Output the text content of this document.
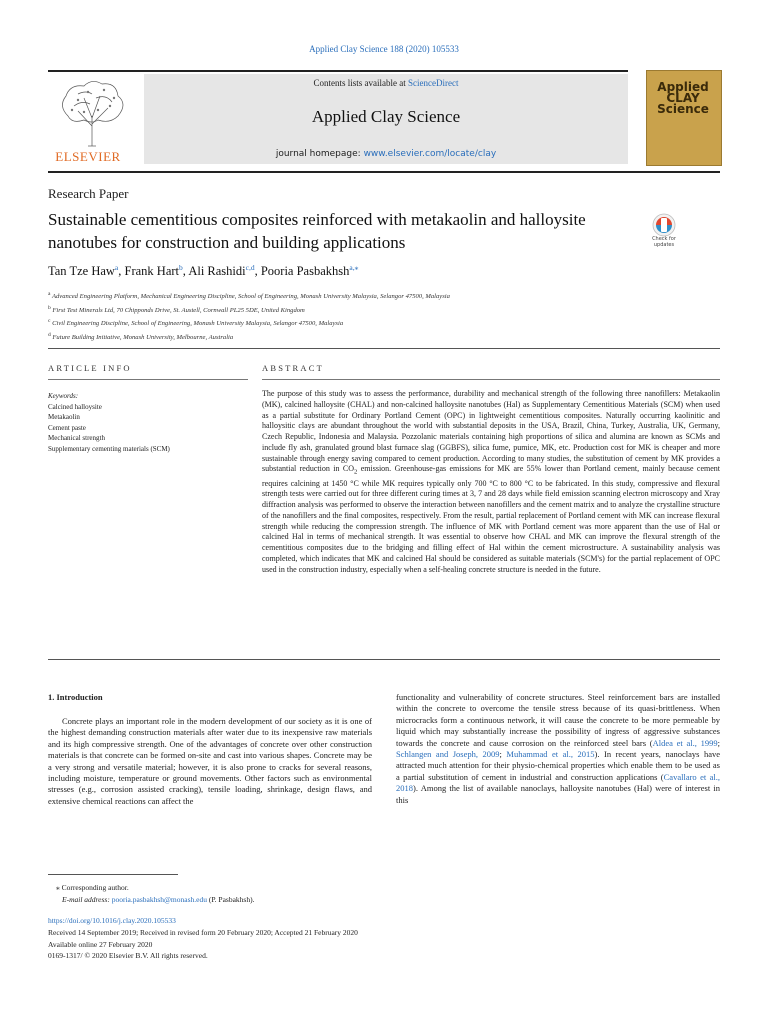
Applied Clay Science 188 (2020) 105533
ELSEVIER
Contents lists available at ScienceDirect
Applied Clay Science
journal homepage: www.elsevier.com/locate/clay
Applied CLAY Science
Research Paper
Sustainable cementitious composites reinforced with metakaolin and halloysite nanotubes for construction and building applications	Check for updates
Tan Tze Haw$^a$, Frank Hart$^b$, Ali Rashidi$^{c,d}$, Pooria Pasbakhsh$^{a,⁎}$
$^a$ Advanced Engineering Platform, Mechanical Engineering Discipline, School of Engineering, Monash University Malaysia, Selangor 47500, Malaysia
$^b$ First Test Minerals Ltd, 70 Chipponds Drive, St. Austell, Cornwall PL25 5DE, United Kingdom
$^c$ Civil Engineering Discipline, School of Engineering, Monash University Malaysia, Selangor 47500, Malaysia
$^d$ Future Building Initiative, Monash University, Melbourne, Australia
ARTICLE INFO	ABSTRACT
Keywords:
Calcined halloysite
Metakaolin
Cement paste
Mechanical strength
Supplementary cementing materials (SCM)
The purpose of this study was to assess the performance, durability and mechanical strength of the following three nanofillers: Metakaolin (MK), calcined halloysite (CHAL) and non-calcined halloysite nanotubes (Hal) as Supplementary Cementitious Materials (SCM) when used as a partial substitute for Ordinary Portland Cement (OPC) in lightweight cementitious composites. Naturally occurring kaolinitic and halloysitic clays are abundant throughout the world with substantial deposits in the USA, Brazil, China, Turkey, Australia, UK, Germany, Czech Republic, Indonesia and Malaysia. Pozzolanic materials containing high proportions of silica and alumina are known as SCMs and include fly ash, granulated ground blast furnace slag (GGBFS), silica fume, pumice, MK, etc. Production cost for MK is cheaper and more sustainable through energy saving compared to cement production. According to many studies, the substitution of cement by MK provides a substantial reduction in $CO_2$ emission. Greenhouse-gas emissions for MK are 55% lower than Portland cement, mainly because cement requires calcining at 1450 °C while MK requires typically only 700 °C to 800 °C to be fabricated. In this study, compressive and flexural strength tests were carried out for three different curing times at 3, 7 and 28 days while field emission scanning electron microscopy and Xray diffraction analysis was performed to observe the interaction between nanofillers and the cement matrix and to analyze the crystalline structure of the nanofillers and the final composites, respectively. From the result, partial replacement of Portland cement with MK can increase flexural strength while reducing the compression strength. The influence of MK with Portland cement was more apparent than the use of Hal or calcined Hal in terms of mechanical strength. It was essential to observe how CHAL and MK can improve the flexural strength of the cementitious composites due to the bridging and filling effect of Hal within the cement microstructure. A sustainability analysis was completed, which indicates that MK and calcined Hal should be considered as suitable materials (SCM's) for the partial replacement of OPC used in the construction industry, especially when a self-healing concrete structure is needed in the future.
1. Introduction
Concrete plays an important role in the modern development of our society as it is one of the highest demanding construction materials after water due to its inexpensive raw materials and its high compressive strength. One of the advantages of concrete over other construction materials is that concrete can be formed on-site and cast into various shapes. Concrete may be a very strong and versatile material; however, it is also prone to cracks for several reasons, including moisture, temperature or ground movements. Other factors such as environmental stresses (e.g., corrosion assisted cracking), tensile loading, shrinkage, design flaws, and extensive chemical reactions can affect the
functionality and vulnerability of concrete structures. Steel reinforcement bars are installed within the concrete to overcome the tensile stress because of its quasi-brittleness. When microcracks form a continuous network, it will cause the concrete to be more permeable by liquid which may substantially increase the possibility of ingress of aggressive substances towards the concrete and cause corrosion on the reinforced steel bars (Aldea et al., 1999; Schlangen and Joseph, 2009; Muhammad et al., 2015). In recent years, nanoclays have attracted much attention for their physio-chemical properties which enable them to be used as a partial substitution of cement in industrial and construction applications (Cavallaro et al., 2018). Among the list of available nanoclays, halloysite nanotubes (Hal) were of interest in this
⁎ Corresponding author.
E-mail address: pooria.pasbakhsh@monash.edu (P. Pasbakhsh).
https://doi.org/10.1016/j.clay.2020.105533
Received 14 September 2019; Received in revised form 20 February 2020; Accepted 21 February 2020
Available online 27 February 2020
0169-1317/ © 2020 Elsevier B.V. All rights reserved.
